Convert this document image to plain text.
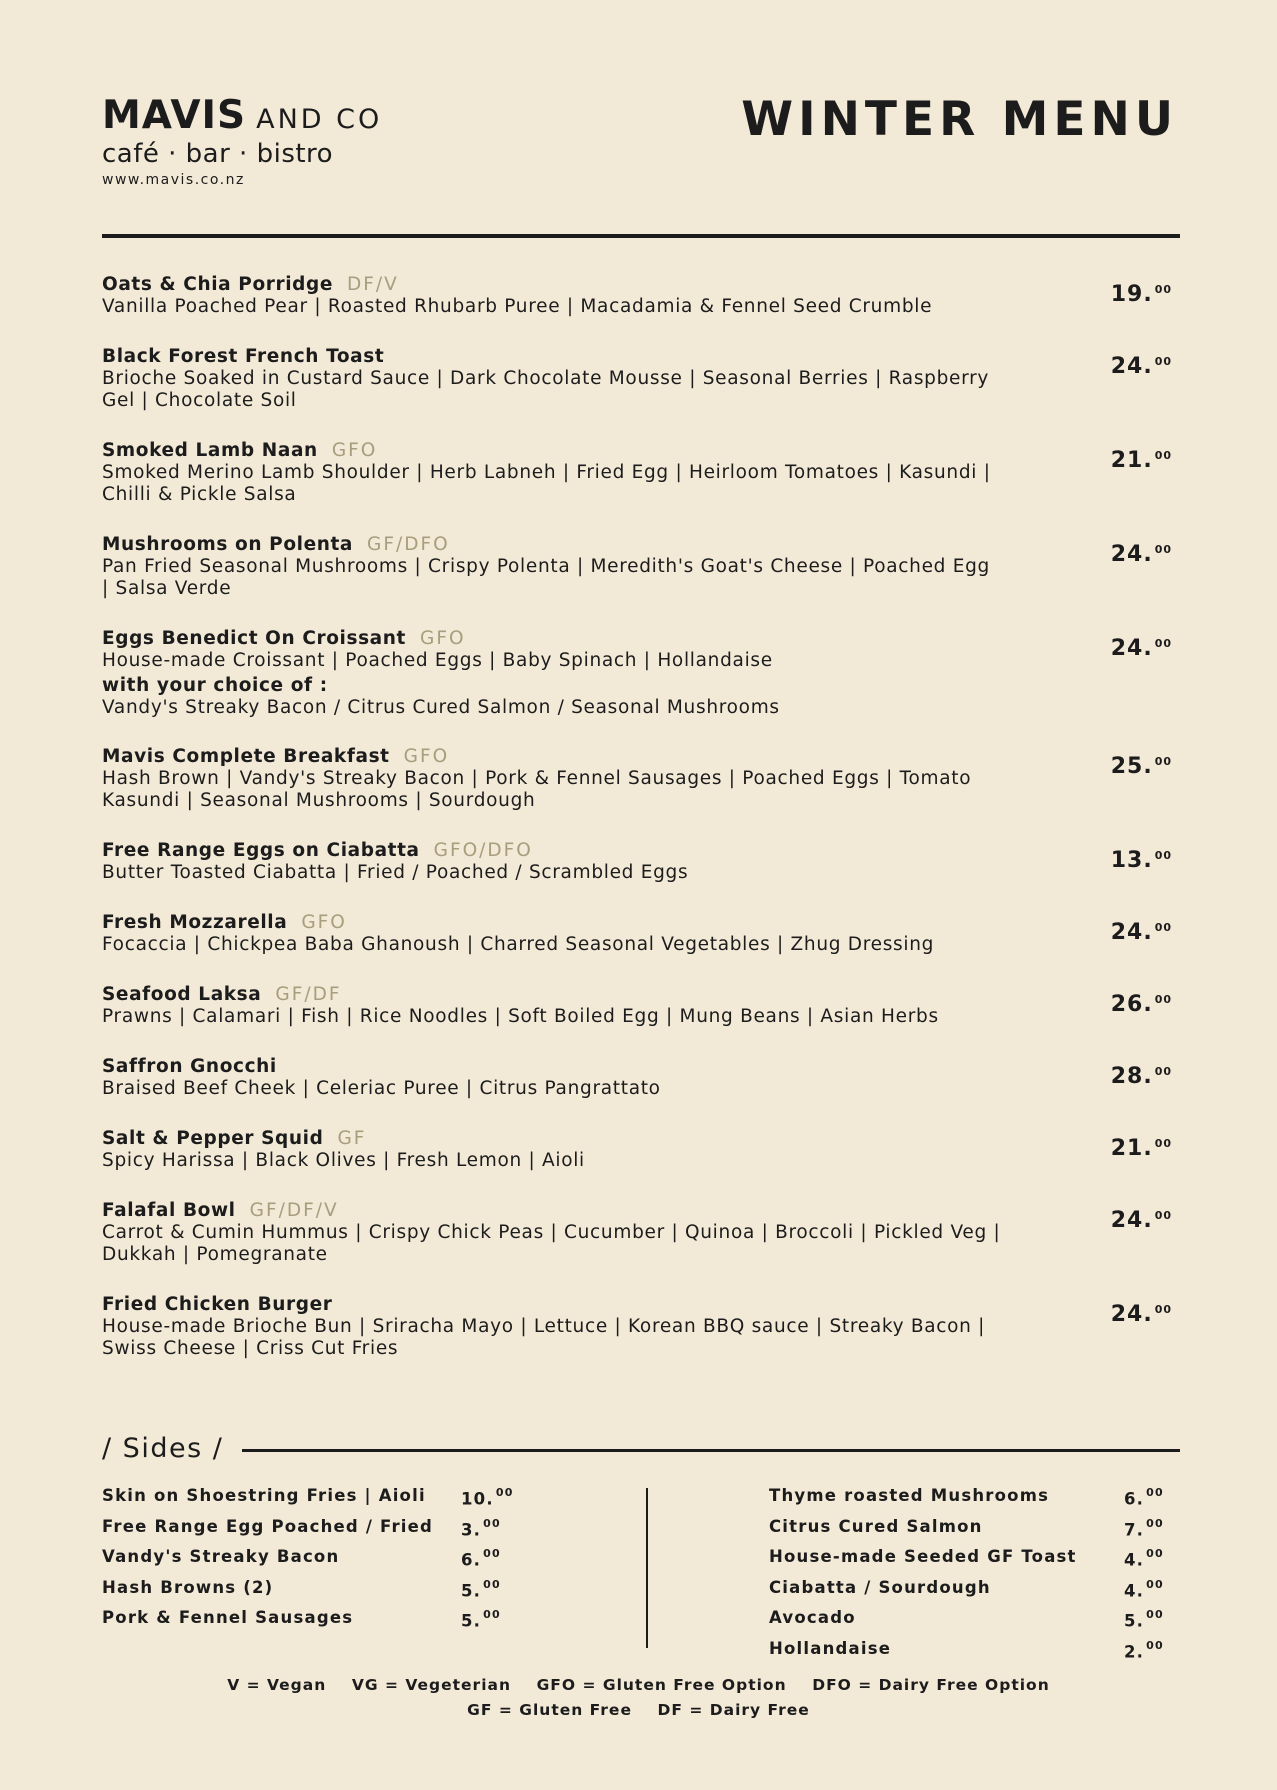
MAVIS AND CO
café · bar · bistro
www.mavis.co.nz
WINTER MENU
Oats & Chia Porridge DF/V
Vanilla Poached Pear | Roasted Rhubarb Puree | Macadamia & Fennel Seed Crumble	19. $^{00}$
Black Forest French Toast
Brioche Soaked in Custard Sauce | Dark Chocolate Mousse | Seasonal Berries | Raspberry Gel | Chocolate Soil
24. $^{00}$
Smoked Lamb Naan GFO
Smoked Merino Lamb Shoulder | Herb Labneh | Fried Egg | Heirloom Tomatoes | Kasundi | Chilli & Pickle Salsa
21. $^{00}$
Mushrooms on Polenta GF/DFO
Pan Fried Seasonal Mushrooms | Crispy Polenta | Meredith's Goat's Cheese | Poached Egg | Salsa Verde
24. $^{00}$
Eggs Benedict On Croissant GFO
House-made Croissant | Poached Eggs | Baby Spinach | Hollandaise
with your choice of :
Vandy's Streaky Bacon / Citrus Cured Salmon / Seasonal Mushrooms
24. $^{00}$
Mavis Complete Breakfast GFO
Hash Brown | Vandy's Streaky Bacon | Pork & Fennel Sausages | Poached Eggs | Tomato Kasundi | Seasonal Mushrooms | Sourdough
25. $^{00}$
Free Range Eggs on Ciabatta GFO/DFO
Butter Toasted Ciabatta | Fried / Poached / Scrambled Eggs	13. $^{00}$
Fresh Mozzarella GFO
Focaccia | Chickpea Baba Ghanoush | Charred Seasonal Vegetables | Zhug Dressing	24. $^{00}$
Seafood Laksa GF/DF
Prawns | Calamari | Fish | Rice Noodles | Soft Boiled Egg | Mung Beans | Asian Herbs	26. $^{00}$
Saffron Gnocchi
Braised Beef Cheek | Celeriac Puree | Citrus Pangrattato	28. $^{00}$
Salt & Pepper Squid GF
Spicy Harissa | Black Olives | Fresh Lemon | Aioli	21. $^{00}$
Falafal Bowl GF/DF/V
Carrot & Cumin Hummus | Crispy Chick Peas | Cucumber | Quinoa | Broccoli | Pickled Veg | Dukkah | Pomegranate
24. $^{00}$
Fried Chicken Burger
House-made Brioche Bun | Sriracha Mayo | Lettuce | Korean BBQ sauce | Streaky Bacon | Swiss Cheese | Criss Cut Fries
24. $^{00}$
/ Sides /
Skin on Shoestring Fries | Aioli 10. $^{00}$
Free Range Egg Poached / Fried 3. $^{00}$
Vandy's Streaky Bacon	6. $^{00}$
Hash Browns (2)	5. $^{00}$
Pork & Fennel Sausages	5. $^{00}$
Thyme roasted Mushrooms	6. $^{00}$
Citrus Cured Salmon	7. $^{00}$
House-made Seeded GF Toast	4. $^{00}$
Ciabatta / Sourdough	4. $^{00}$
Avocado	5. $^{00}$
Hollandaise	2. $^{00}$
V = Vegan    VG = Vegeterian    GFO = Gluten Free Option    DFO = Dairy Free Option
GF = Gluten Free    DF = Dairy Free
